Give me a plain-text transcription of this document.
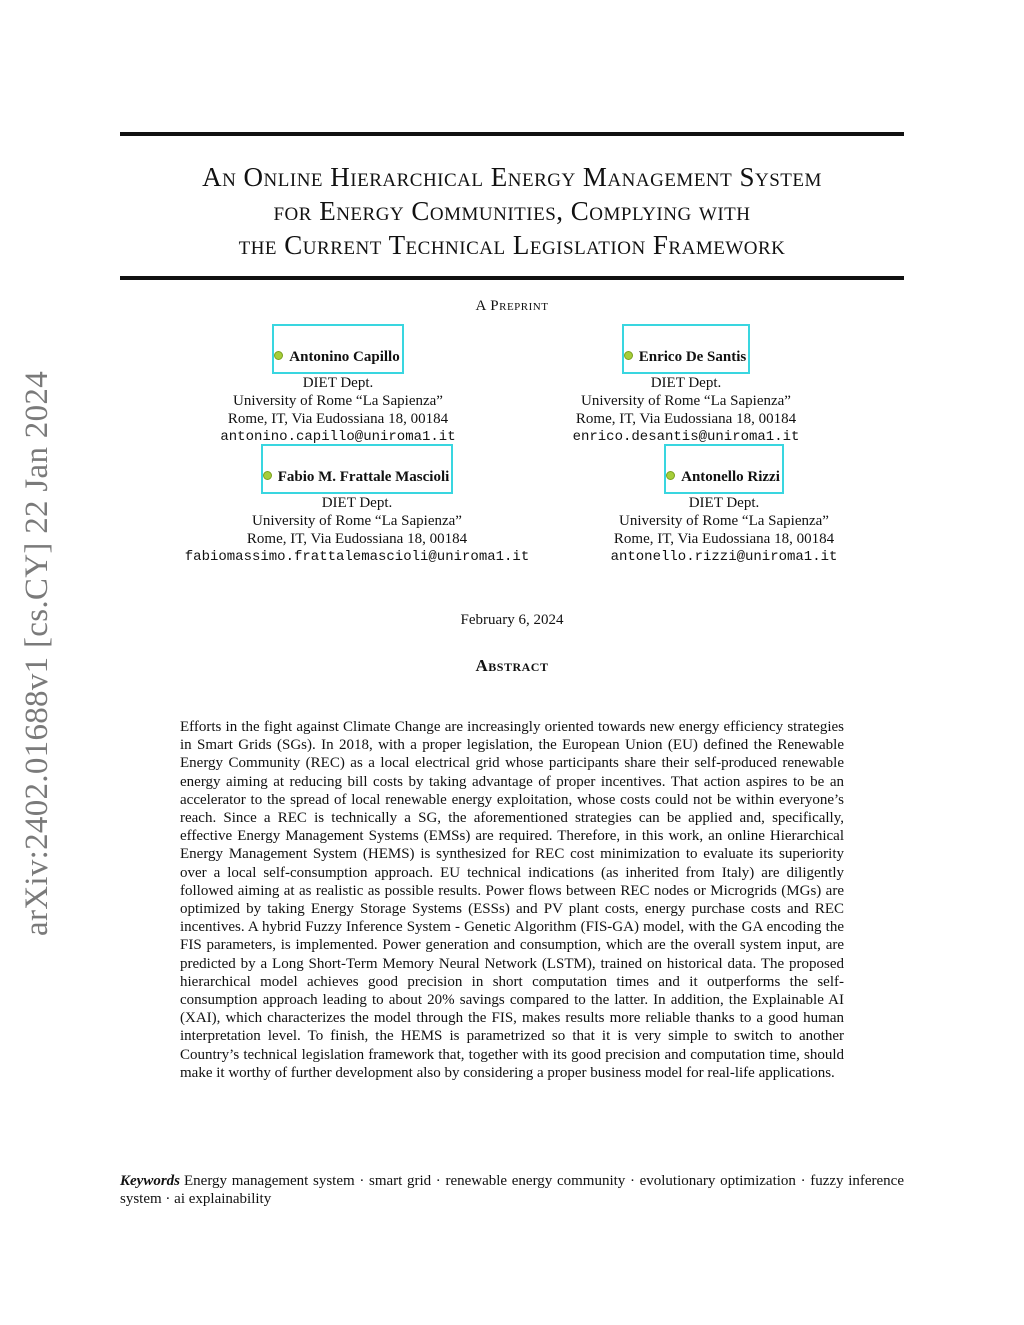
arXiv:2402.01688v1 [cs.CY] 22 Jan 2024
An Online Hierarchical Energy Management System
for Energy Communities, Complying with
the Current Technical Legislation Framework
A Preprint
Antonino Capillo
DIET Dept.
University of Rome “La Sapienza”
Rome, IT, Via Eudossiana 18, 00184
antonino.capillo@uniroma1.it
Enrico De Santis
DIET Dept.
University of Rome “La Sapienza”
Rome, IT, Via Eudossiana 18, 00184
enrico.desantis@uniroma1.it
Fabio M. Frattale Mascioli
DIET Dept.
University of Rome “La Sapienza”
Rome, IT, Via Eudossiana 18, 00184
fabiomassimo.frattalemascioli@uniroma1.it
Antonello Rizzi
DIET Dept.
University of Rome “La Sapienza”
Rome, IT, Via Eudossiana 18, 00184
antonello.rizzi@uniroma1.it
February 6, 2024
Abstract

Efforts in the fight against Climate Change are increasingly oriented towards new energy efficiency strategies in Smart Grids (SGs). In 2018, with a proper legislation, the European Union (EU) defined the Renewable Energy Community (REC) as a local electrical grid whose participants share their self-produced renewable energy aiming at reducing bill costs by taking advantage of proper incentives. That action aspires to be an accelerator to the spread of local renewable energy exploitation, whose costs could not be within everyone’s reach. Since a REC is technically a SG, the aforementioned strategies can be applied and, specifically, effective Energy Management Systems (EMSs) are required. Therefore, in this work, an online Hierarchical Energy Management System (HEMS) is synthesized for REC cost minimization to evaluate its superiority over a local self-consumption approach. EU technical indications (as inherited from Italy) are diligently followed aiming at as realistic as possible results. Power flows between REC nodes or Microgrids (MGs) are optimized by taking Energy Storage Systems (ESSs) and PV plant costs, energy purchase costs and REC incentives. A hybrid Fuzzy Inference System - Genetic Algorithm (FIS-GA) model, with the GA encoding the FIS parameters, is implemented. Power generation and consumption, which are the overall system input, are predicted by a Long Short-Term Memory Neural Network (LSTM), trained on historical data. The proposed hierarchical model achieves good precision in short computation times and it outperforms the self-consumption approach leading to about 20% savings compared to the latter. In addition, the Explainable AI (XAI), which characterizes the model through the FIS, makes results more reliable thanks to a good human interpretation level. To finish, the HEMS is parametrized so that it is very simple to switch to another Country’s technical legislation framework that, together with its good precision and computation time, should make it worthy of further development also by considering a proper business model for real-life applications.

Keywords Energy management system · smart grid · renewable energy community · evolutionary optimization · fuzzy inference system · ai explainability
